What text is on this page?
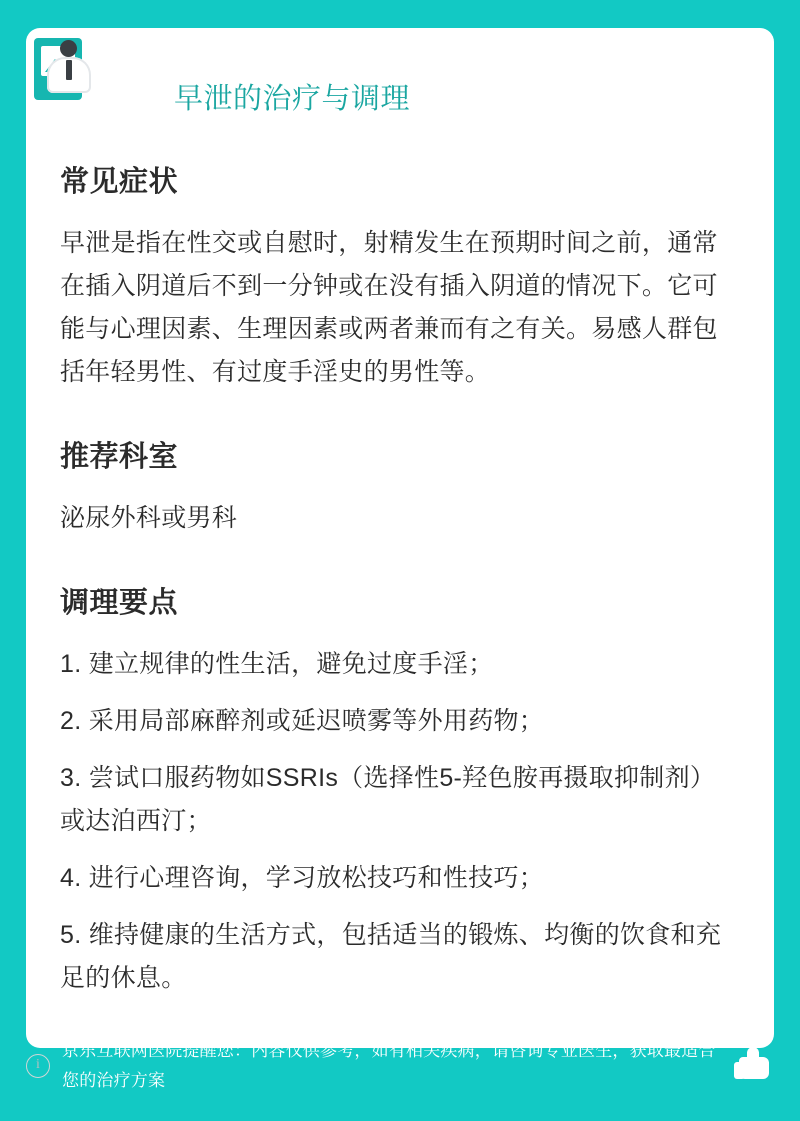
早泄的治疗与调理
常见症状

早泄是指在性交或自慰时，射精发生在预期时间之前，通常在插入阴道后不到一分钟或在没有插入阴道的情况下。它可能与心理因素、生理因素或两者兼而有之有关。易感人群包括年轻男性、有过度手淫史的男性等。

推荐科室

泌尿外科或男科

调理要点
1. 建立规律的性生活，避免过度手淫；
2. 采用局部麻醉剂或延迟喷雾等外用药物；
3. 尝试口服药物如SSRIs（选择性5-羟色胺再摄取抑制剂）或达泊西汀；
4. 进行心理咨询，学习放松技巧和性技巧；
5. 维持健康的生活方式，包括适当的锻炼、均衡的饮食和充足的休息。
i
京东互联网医院提醒您：内容仅供参考，如有相关疾病，请咨询专业医生，获取最适合您的治疗方案
